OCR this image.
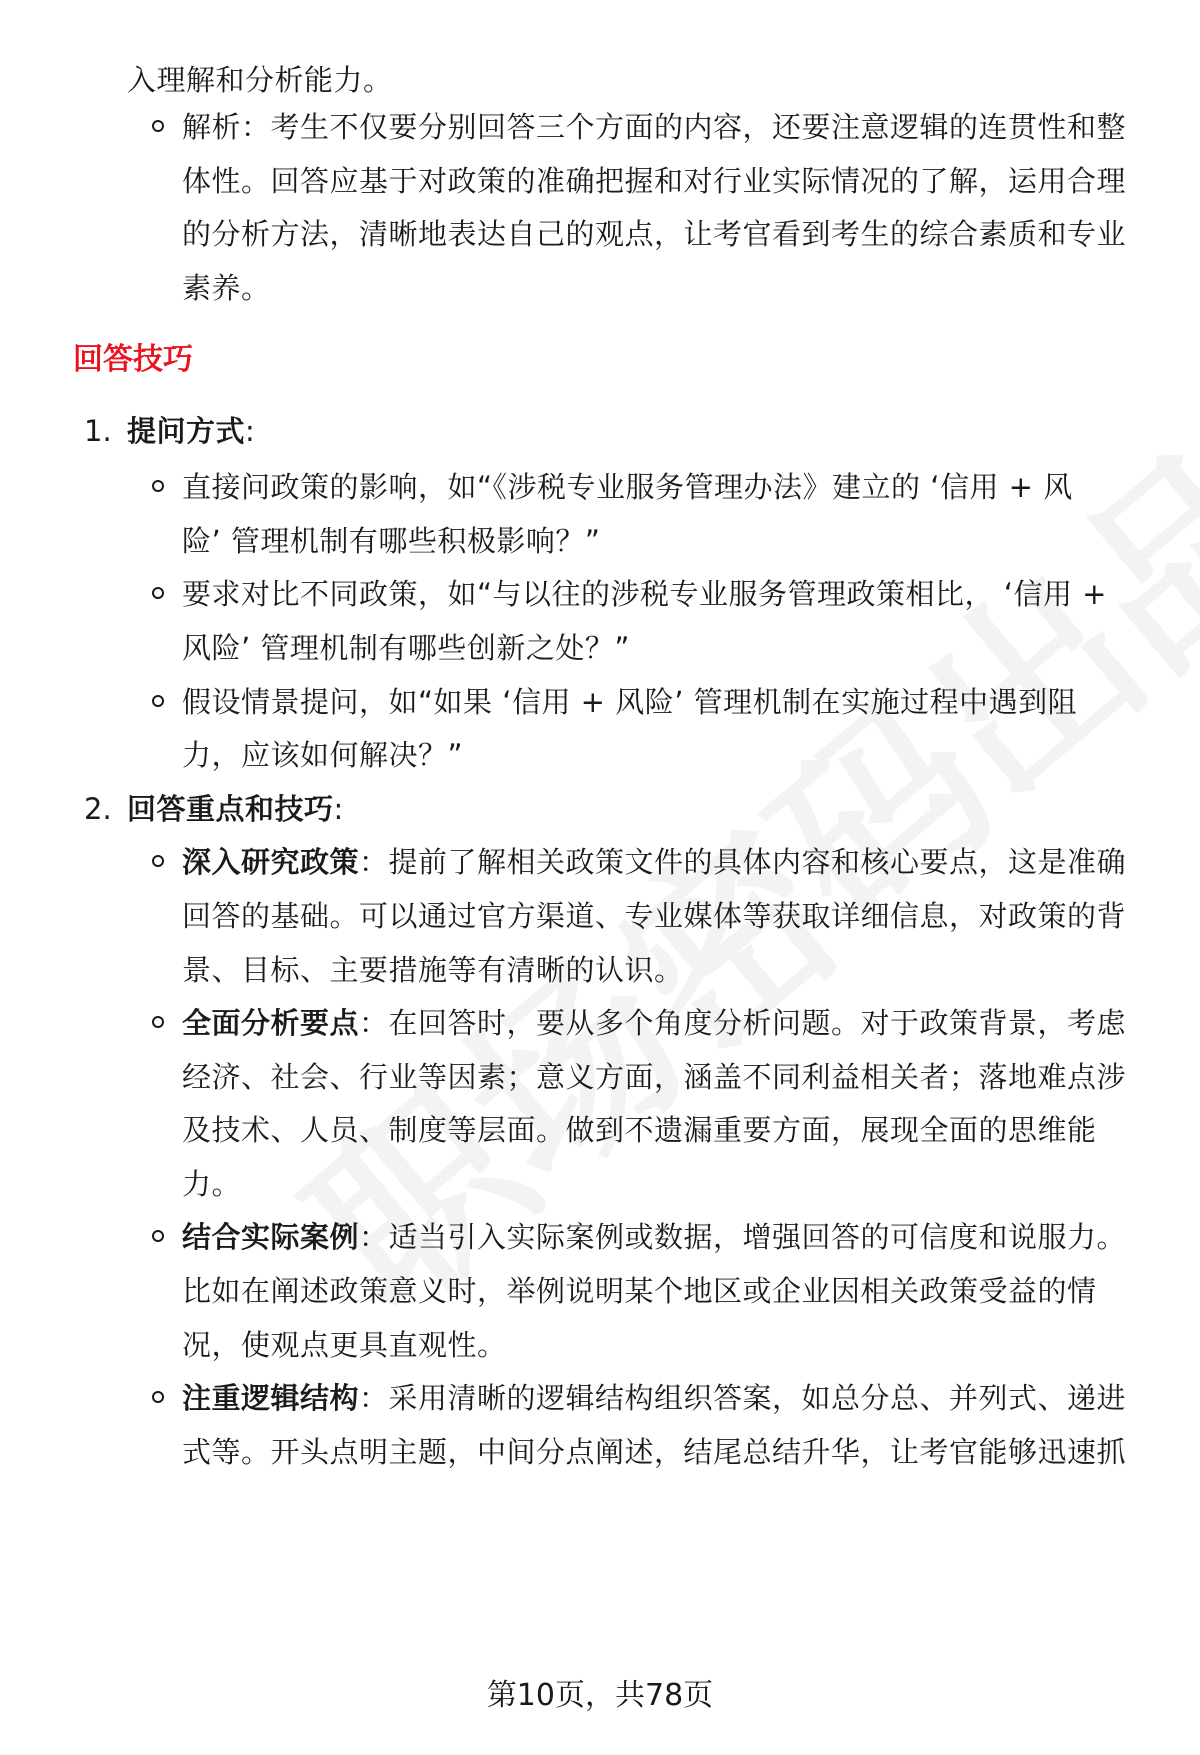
入理解和分析能力。
解析：考生不仅要分别回答三个方面的内容，还要注意逻辑的连贯性和整
体性。回答应基于对政策的准确把握和对行业实际情况的了解，运用合理
的分析方法，清晰地表达自己的观点，让考官看到考生的综合素质和专业
素养。
回答技巧
1. 提问方式:
直接问政策的影响，如“《涉税专业服务管理办法》建立的 ‘信用 + 风
险’ 管理机制有哪些积极影响？”
要求对比不同政策，如“与以往的涉税专业服务管理政策相比， ‘信用 +
风险’ 管理机制有哪些创新之处？”
假设情景提问，如“如果 ‘信用 + 风险’ 管理机制在实施过程中遇到阻
力，应该如何解决？”
2. 回答重点和技巧:
深入研究政策：提前了解相关政策文件的具体内容和核心要点，这是准确
回答的基础。可以通过官方渠道、专业媒体等获取详细信息，对政策的背
景、目标、主要措施等有清晰的认识。
全面分析要点：在回答时，要从多个角度分析问题。对于政策背景，考虑
经济、社会、行业等因素；意义方面，涵盖不同利益相关者；落地难点涉
及技术、人员、制度等层面。做到不遗漏重要方面，展现全面的思维能
力。
结合实际案例：适当引入实际案例或数据，增强回答的可信度和说服力。
比如在阐述政策意义时，举例说明某个地区或企业因相关政策受益的情
况，使观点更具直观性。
注重逻辑结构：采用清晰的逻辑结构组织答案，如总分总、并列式、递进
式等。开头点明主题，中间分点阐述，结尾总结升华，让考官能够迅速抓
第10页，共78页
